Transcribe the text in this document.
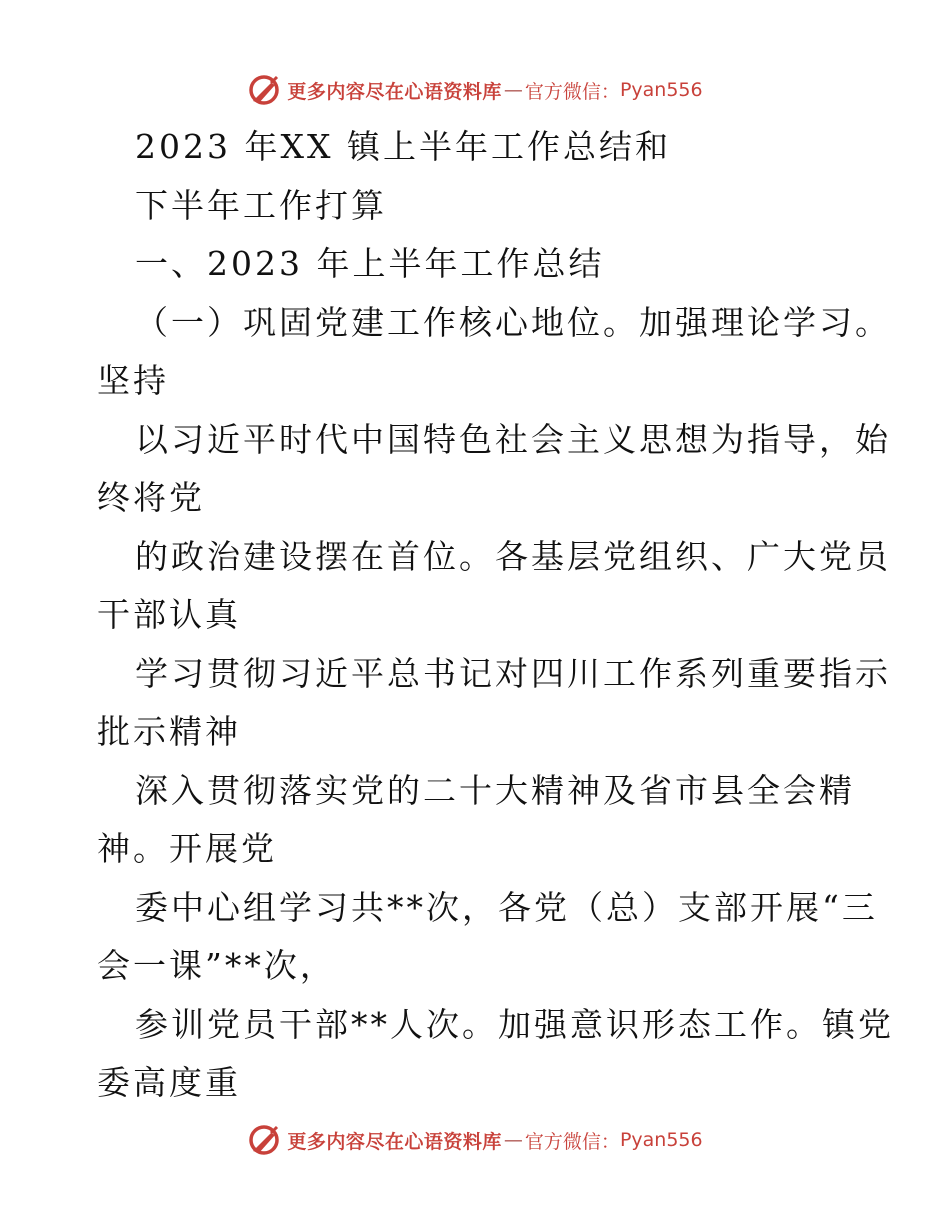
更多内容尽在心语资料库 — 官方微信： Pyan556
2023 年XX 镇上半年工作总结和
下半年工作打算
一、2023 年上半年工作总结
（一）巩固党建工作核心地位。加强理论学习。
坚持
以习近平时代中国特色社会主义思想为指导，始
终将党
的政治建设摆在首位。各基层党组织、广大党员
干部认真
学习贯彻习近平总书记对四川工作系列重要指示
批示精神
深入贯彻落实党的二十大精神及省市县全会精
神。开展党
委中心组学习共**次，各党（总）支部开展“三
会一课”**次，
参训党员干部**人次。加强意识形态工作。镇党
委高度重
更多内容尽在心语资料库 — 官方微信： Pyan556
